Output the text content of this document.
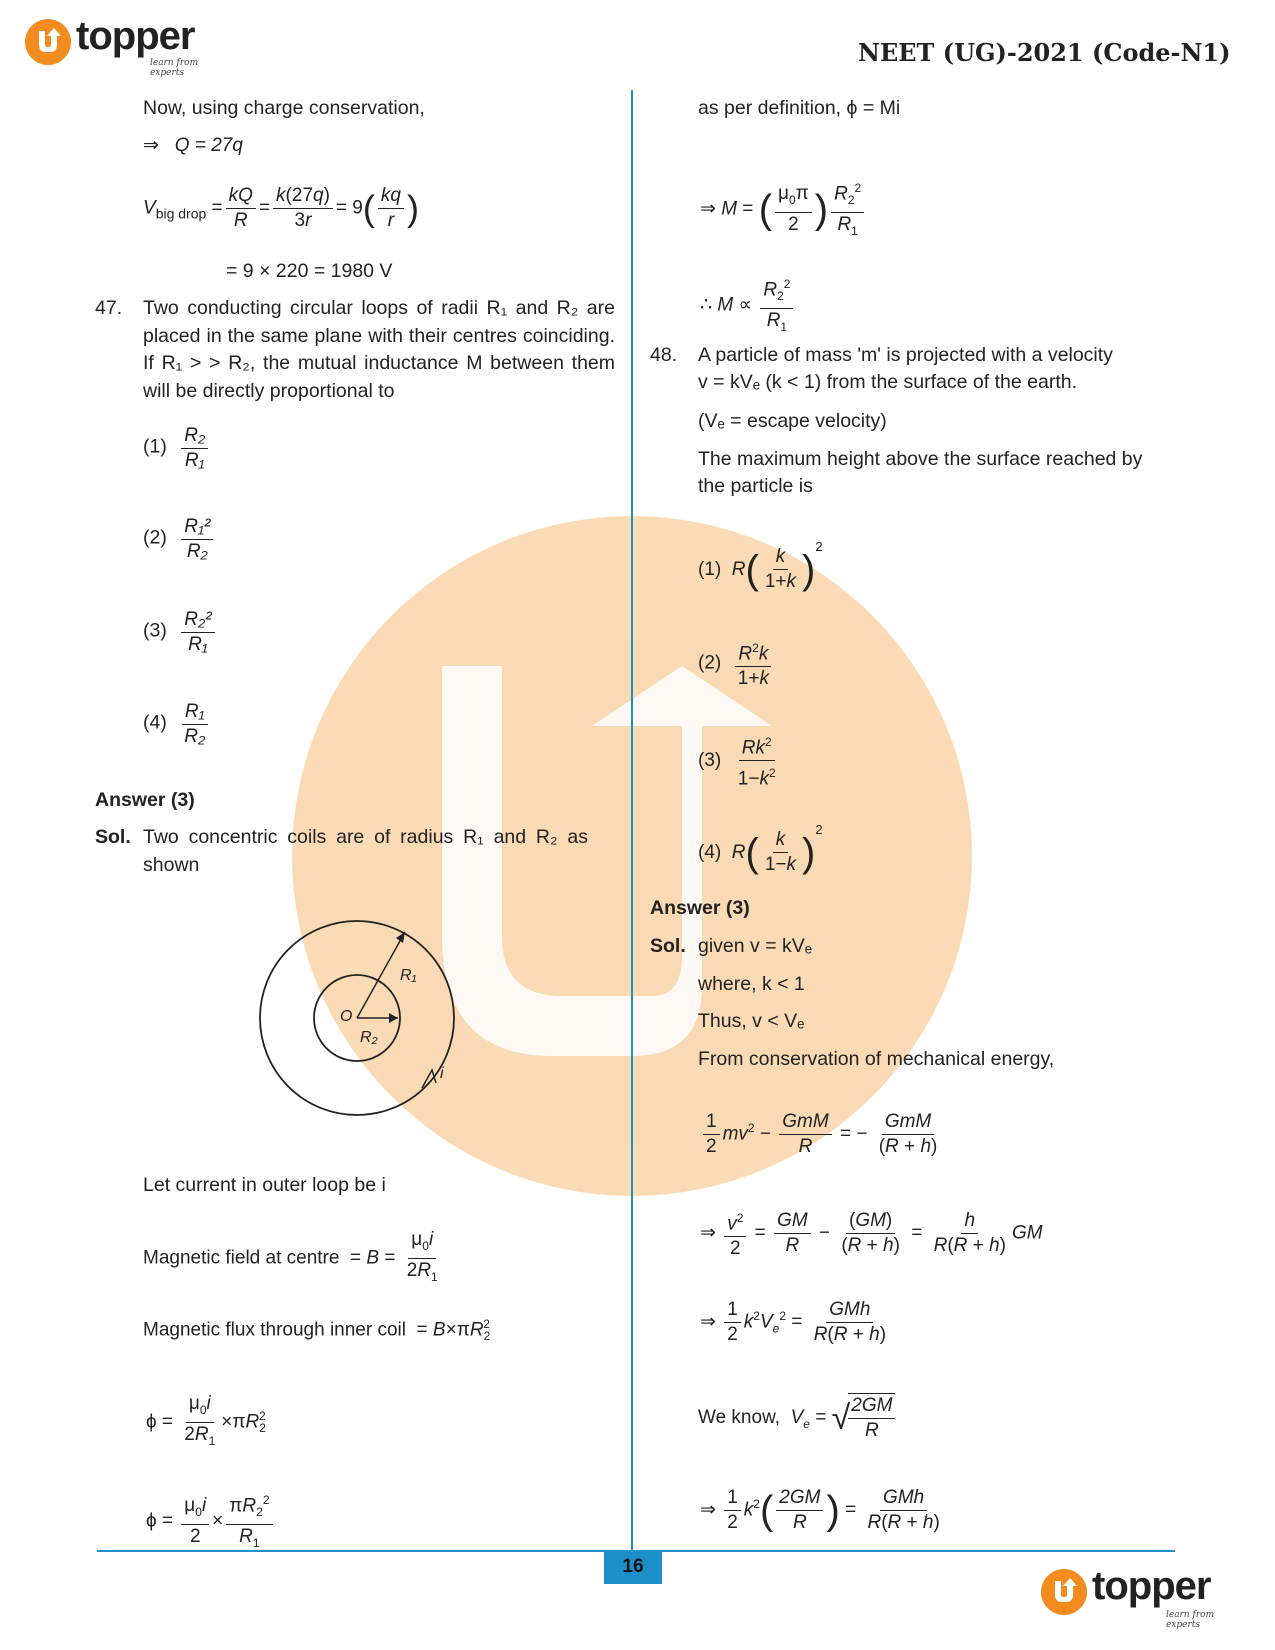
topper
learn from experts
NEET (UG)-2021 (Code-N1)
Now, using charge conservation,
⇒ Q = 27q
$V_{big drop} = \frac{kQ}{R} = \frac{k(27q)}{3r} = 9( \frac{kq}{r}$ )
= 9 × 220 = 1980 V
47. Two conducting circular loops of radii R₁ and R₂ are placed in the same plane with their centres coinciding. If R₁ > > R₂, the mutual inductance M between them will be directly proportional to
$(1) \frac{\text{R₂}}{\text{R₁}}$
$(2) \frac{\text{R₁²}}{\text{R₂}}$
$(3) \frac{\text{R₂²}}{\text{R₁}}$
$(4) \frac{\text{R₁}}{\text{R₂}}$
Answer (3)
Sol. Two concentric coils are of radius R₁ and R₂ as shown
O
R₁
R₂
i
Let current in outer loop be i
Magnetic field at centre  = $B = \frac{\mu_0i}{2R_1}$
Magnetic flux through inner coil  = $B\times\pi R_2^2$
$\phi = \frac{\mu_0i}{2R_1} \times\pi R_2^2$
$\phi = \frac{\mu_0i}{2} \times \frac{\pi R_2^2}{R_1}$
as per definition, ϕ = Mi
⇒ M = ( $\frac{\mu_0\pi}{2}$ ) $\frac{R_2^2}{R_1}$
∴ $M \propto \frac{R_2^2}{R_1}$
48. A particle of mass 'm' is projected with a velocity
v = kVₑ (k < 1) from the surface of the earth.
(Vₑ = escape velocity)
The maximum height above the surface reached by
the particle is
(1) $R( \frac{k}{1+k} )^2$
$(2) \frac{R^2k}{1+k}$
$(3) \frac{Rk^2}{1-k^2}$
(4) $R( \frac{k}{1-k} )^2$
Answer (3)
Sol. given v = kVₑ
where, k < 1
Thus, v < Vₑ
From conservation of mechanical energy,
$\frac{1}{2} mv^2 - \frac{\text{GmM}}{R}$ = − $\frac{\text{GmM}}{(R + h)}$
⇒ $\frac{v^2}{2} = \frac{GM}{R} - \frac{(GM)}{(R + h)} = \frac{h}{R(R + h)}$ GM
⇒ $\frac{1}{2} k^2V_e^2 = \frac{\text{GMh}}{R(R + h)}$
We know, $V_e$ = √
$\frac{2GM}{R}$
⇒ $\frac{1}{2} k^2( \frac{2GM}{R}$ ) = $\frac{\text{GMh}}{R(R + h)}$
16	topper
learn from experts
